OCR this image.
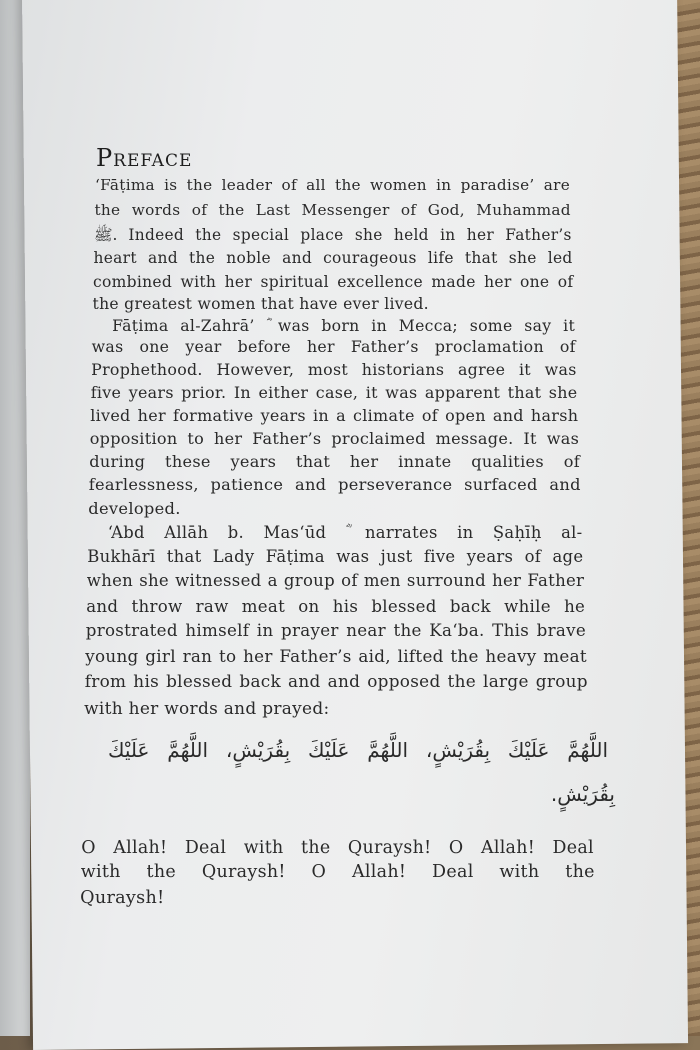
Preface
‘Fāṭima is the leader of all the women in paradise’ are
the words of the Last Messenger of God, Muhammad
ﷺ. Indeed the special place she held in her Father’s
heart and the noble and courageous life that she led
combined with her spiritual excellence made her one of
the greatest women that have ever lived.
Fāṭima al-Zahrā’ ؓ was born in Mecca; some say it
was one year before her Father’s proclamation of
Prophethood. However, most historians agree it was
five years prior. In either case, it was apparent that she
lived her formative years in a climate of open and harsh
opposition to her Father’s proclaimed message. It was
during these years that her innate qualities of
fearlessness, patience and perseverance surfaced and
developed.
‘Abd Allāh b. Mas‘ūd ؓ narrates in Ṣaḥīḥ al-
Bukhārī that Lady Fāṭima was just five years of age
when she witnessed a group of men surround her Father
and throw raw meat on his blessed back while he
prostrated himself in prayer near the Ka‘ba. This brave
young girl ran to her Father’s aid, lifted the heavy meat
from his blessed back and and opposed the large group
with her words and prayed:
O Allah! Deal with the Quraysh! O Allah! Deal
with the Quraysh! O Allah! Deal with the
Quraysh!
اللَّهُمَّ عَلَيْكَ بِقُرَيْشٍ، اللَّهُمَّ عَلَيْكَ بِقُرَيْشٍ، اللَّهُمَّ عَلَيْكَ
بِقُرَيْشٍ.
